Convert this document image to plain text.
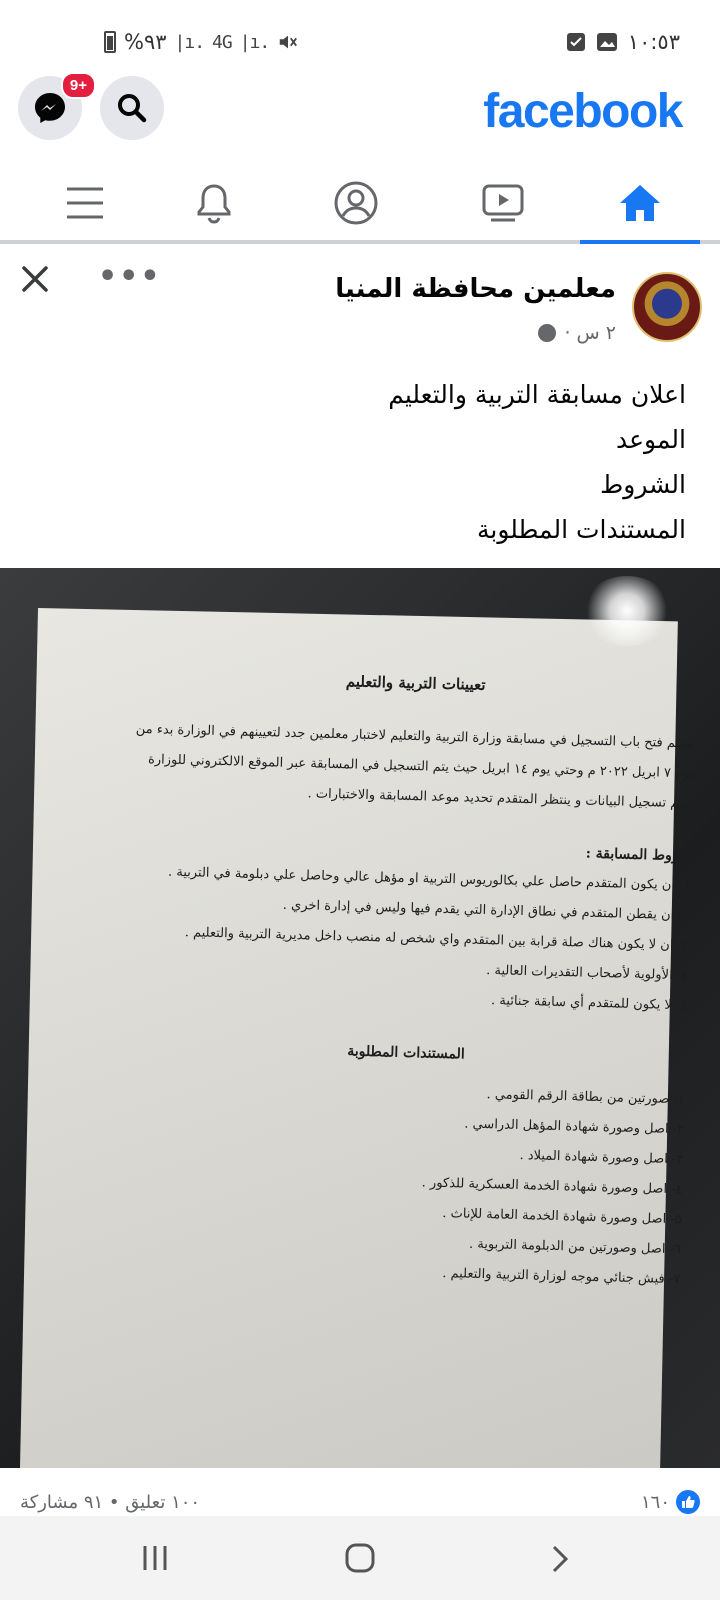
%٩٣ |ı. 4G |ı.	١٠:٥٣
9+	facebook
معلمين محافظة المنيا
٢ س ·
•••
اعلان مسابقة التربية والتعليم
الموعد
الشروط
المستندات المطلوبة
تعيينات التربية والتعليم
سيتم فتح باب التسجيل في مسابقة وزارة التربية والتعليم لاختبار معلمين جدد لتعيينهم في الوزارة بدء من يوم ٧ ابريل ٢٠٢٢ م وحتي يوم ١٤ ابريل حيث يتم التسجيل في المسابقة عبر الموقع الالكتروني للوزارة ويتم تسجيل البيانات و ينتظر المتقدم تحديد موعد المسابقة والاختبارات .
شروط المسابقة :
١- ان يكون المتقدم حاصل علي بكالوريوس التربية او مؤهل عالي وحاصل علي دبلومة في التربية .
٢- ان يقطن المتقدم في نطاق الإدارة التي يقدم فيها وليس في إدارة اخري .
٣- ان لا يكون هناك صلة قرابة بين المتقدم واي شخص له منصب داخل مديرية التربية والتعليم .
٤- الأولوية لأصحاب التقديرات العالية .
٥- لا يكون للمتقدم أي سابقة جنائية .
المستندات المطلوبة
١- صورتين من بطاقة الرقم القومي .
٢- اصل وصورة شهادة المؤهل الدراسي .
٣- اصل وصورة شهادة الميلاد .
٤- اصل وصورة شهادة الخدمة العسكرية للذكور .
٥- اصل وصورة شهادة الخدمة العامة للإناث .
٦- اصل وصورتين من الدبلومة التربوية .
٧- فيش جنائي موجه لوزارة التربية والتعليم .
١٠٠ تعليق • ٩١ مشاركة	١٦٠
